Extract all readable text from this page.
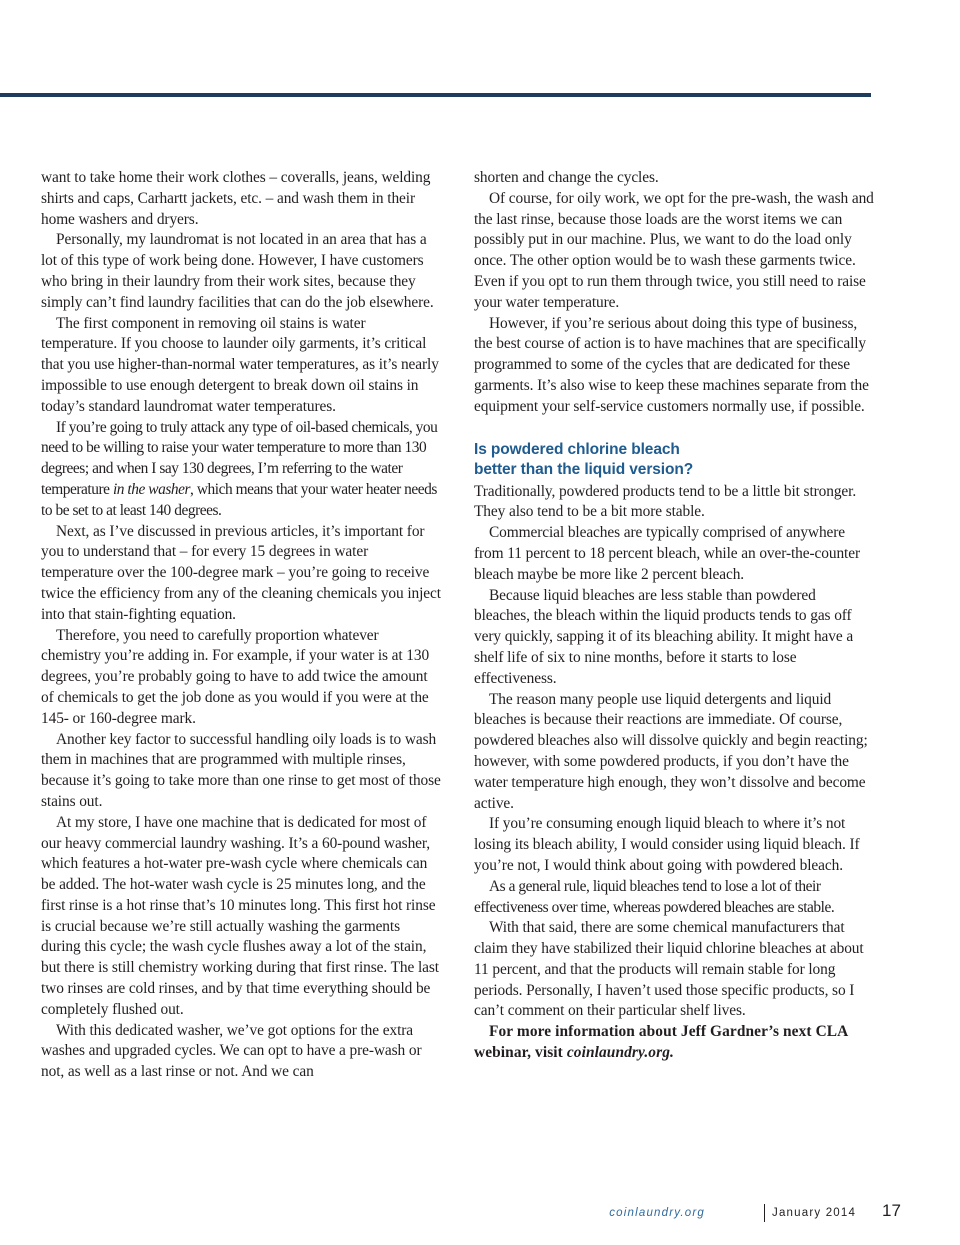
want to take home their work clothes – coveralls, jeans, welding shirts and caps, Carhartt jackets, etc. – and wash them in their home washers and dryers.

Personally, my laundromat is not located in an area that has a lot of this type of work being done. However, I have customers who bring in their laundry from their work sites, because they simply can’t find laundry facilities that can do the job elsewhere.

The first component in removing oil stains is water temperature. If you choose to launder oily garments, it’s critical that you use higher-than-normal water temperatures, as it’s nearly impossible to use enough detergent to break down oil stains in today’s standard laundromat water temperatures.

If you’re going to truly attack any type of oil-based chemicals, you need to be willing to raise your water temperature to more than 130 degrees; and when I say 130 degrees, I’m referring to the water temperature in the washer, which means that your water heater needs to be set to at least 140 degrees.

Next, as I’ve discussed in previous articles, it’s important for you to understand that – for every 15 degrees in water temperature over the 100-degree mark – you’re going to receive twice the efficiency from any of the cleaning chemicals you inject into that stain-fighting equation.

Therefore, you need to carefully proportion whatever chemistry you’re adding in. For example, if your water is at 130 degrees, you’re probably going to have to add twice the amount of chemicals to get the job done as you would if you were at the 145- or 160-degree mark.

Another key factor to successful handling oily loads is to wash them in machines that are programmed with multiple rinses, because it’s going to take more than one rinse to get most of those stains out.

At my store, I have one machine that is dedicated for most of our heavy commercial laundry washing. It’s a 60-pound washer, which features a hot-water pre-wash cycle where chemicals can be added. The hot-water wash cycle is 25 minutes long, and the first rinse is a hot rinse that’s 10 minutes long. This first hot rinse is crucial because we’re still actually washing the garments during this cycle; the wash cycle flushes away a lot of the stain, but there is still chemistry working during that first rinse. The last two rinses are cold rinses, and by that time everything should be completely flushed out.

With this dedicated washer, we’ve got options for the extra washes and upgraded cycles. We can opt to have a pre-wash or not, as well as a last rinse or not. And we can

shorten and change the cycles.

Of course, for oily work, we opt for the pre-wash, the wash and the last rinse, because those loads are the worst items we can possibly put in our machine. Plus, we want to do the load only once. The other option would be to wash these garments twice. Even if you opt to run them through twice, you still need to raise your water temperature.

However, if you’re serious about doing this type of business, the best course of action is to have machines that are specifically programmed to some of the cycles that are dedicated for these garments. It’s also wise to keep these machines separate from the equipment your self-service customers normally use, if possible.

Is powdered chlorine bleach
better than the liquid version?

Traditionally, powdered products tend to be a little bit stronger. They also tend to be a bit more stable.

Commercial bleaches are typically comprised of anywhere from 11 percent to 18 percent bleach, while an over-the-counter bleach maybe be more like 2 percent bleach.

Because liquid bleaches are less stable than powdered bleaches, the bleach within the liquid products tends to gas off very quickly, sapping it of its bleaching ability. It might have a shelf life of six to nine months, before it starts to lose effectiveness.

The reason many people use liquid detergents and liquid bleaches is because their reactions are immediate. Of course, powdered bleaches also will dissolve quickly and begin reacting; however, with some powdered products, if you don’t have the water temperature high enough, they won’t dissolve and become active.

If you’re consuming enough liquid bleach to where it’s not losing its bleach ability, I would consider using liquid bleach. If you’re not, I would think about going with powdered bleach.

As a general rule, liquid bleaches tend to lose a lot of their effectiveness over time, whereas powdered bleaches are stable.

With that said, there are some chemical manufacturers that claim they have stabilized their liquid chlorine bleaches at about 11 percent, and that the products will remain stable for long periods. Personally, I haven’t used those specific products, so I can’t comment on their particular shelf lives.

For more information about Jeff Gardner’s next CLA webinar, visit coinlaundry.org.

coinlaundry.org	January 2014 17
